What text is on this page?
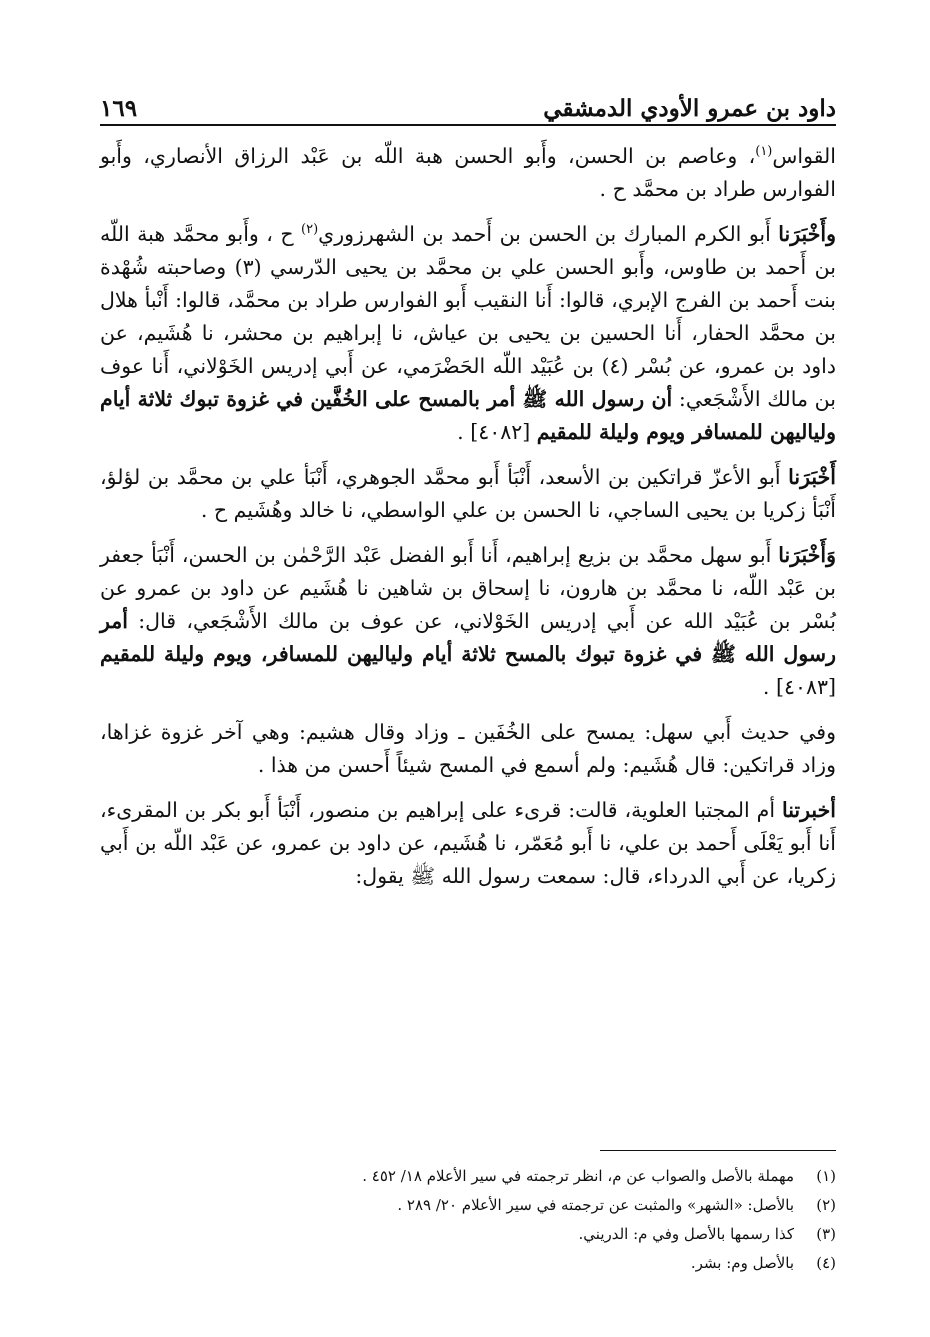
داود بن عمرو الأودي الدمشقي
١٦٩

القواس$^{(١)}$، وعاصم بن الحسن، وأَبو الحسن هبة اللّه بن عَبْد الرزاق الأنصاري، وأَبو الفوارس طراد بن محمَّد ح .

وأَخْبَرَنا أَبو الكرم المبارك بن الحسن بن أَحمد بن الشهرزوري$^{(٢)}$ ح ، وأَبو محمَّد هبة اللّه بن أَحمد بن طاوس، وأَبو الحسن علي بن محمَّد بن يحيى الدّرسي (٣) وصاحبته شُهْدة بنت أَحمد بن الفرج الإبري، قالوا: أَنا النقيب أَبو الفوارس طراد بن محمَّد، قالوا: أَنْبأ هلال بن محمَّد الحفار، أَنا الحسين بن يحيى بن عياش، نا إبراهيم بن محشر، نا هُشَيم، عن داود بن عمرو، عن بُسْر (٤) بن عُبَيْد اللّه الحَضْرَمي، عن أَبي إدريس الخَوْلاني، أَنا عوف بن مالك الأَشْجَعي: أن رسول الله ﷺ أمر بالمسح على الخُفَّين في غزوة تبوك ثلاثة أيام ولياليهن للمسافر ويوم وليلة للمقيم [٤٠٨٢] .

أَخْبَرَنا أَبو الأعزّ قراتكين بن الأسعد، أَنْبَأ أَبو محمَّد الجوهري، أَنْبَأ علي بن محمَّد بن لؤلؤ، أَنْبَأ زكريا بن يحيى الساجي، نا الحسن بن علي الواسطي، نا خالد وهُشَيم ح .

وَأَخْبَرَنا أَبو سهل محمَّد بن بزيع إبراهيم، أَنا أَبو الفضل عَبْد الرَّحْمٰن بن الحسن، أَنْبَأ جعفر بن عَبْد اللّه، نا محمَّد بن هارون، نا إسحاق بن شاهين نا هُشَيم عن داود بن عمرو عن بُسْر بن عُبَيْد الله عن أَبي إدريس الخَوْلاني، عن عوف بن مالك الأَشْجَعي، قال: أمر رسول الله ﷺ في غزوة تبوك بالمسح ثلاثة أيام ولياليهن للمسافر، ويوم وليلة للمقيم [٤٠٨٣] .

وفي حديث أَبي سهل: يمسح على الخُفَين ـ وزاد وقال هشيم: وهي آخر غزوة غزاها، وزاد قراتكين: قال هُشَيم: ولم أسمع في المسح شيئاً أَحسن من هذا .

أخبرتنا أم المجتبا العلوية، قالت: قرىء على إبراهيم بن منصور، أَنْبَأ أَبو بكر بن المقرىء، أَنا أَبو يَعْلَى أَحمد بن علي، نا أَبو مُعَمّر، نا هُشَيم، عن داود بن عمرو، عن عَبْد اللّه بن أَبي زكريا، عن أَبي الدرداء، قال: سمعت رسول الله ﷺ يقول:

(١)
مهملة بالأصل والصواب عن م، انظر ترجمته في سير الأعلام ١٨/ ٤٥٢ .
(٢)
بالأصل: «الشهر» والمثبت عن ترجمته في سير الأعلام ٢٠/ ٢٨٩ .
(٣)
كذا رسمها بالأصل وفي م: الدريني.
(٤)
بالأصل وم: بشر.
